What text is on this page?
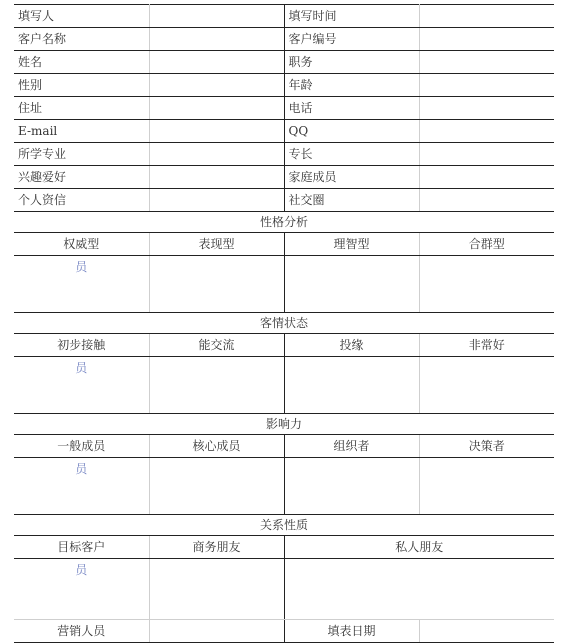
填写人		填写时间	
客户名称		客户编号	
姓名		职务	
性别		年龄	
住址		电话	
E-mail		QQ	
所学专业		专长	
兴趣爱好		家庭成员	
个人资信		社交圈	
性格分析			
权威型	表现型	理智型	合群型
员			
客情状态			
初步接触	能交流	投缘	非常好
员			
影响力			
一般成员	核心成员	组织者	决策者
员			
关系性质			
目标客户	商务朋友	私人朋友	
员			
营销人员		填表日期	
